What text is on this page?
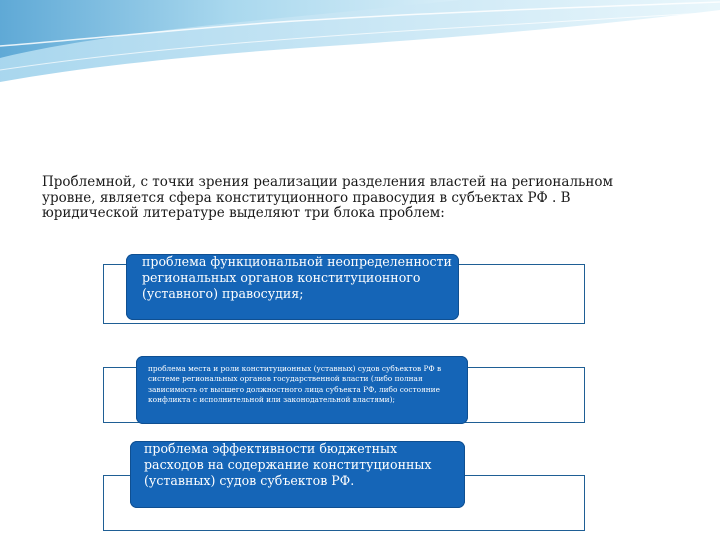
Проблемной, с точки зрения реализации разделения властей на региональном уровне, является сфера конституционного правосудия в субъектах РФ . В юридической литературе выделяют три блока проблем:
проблема функциональной неопределенности региональных органов конституционного (уставного) правосудия;
проблема места и роли конституционных (уставных) судов субъектов РФ в системе региональных органов государственной власти (либо полная зависимость от высшего должностного лица субъекта РФ, либо состояние конфликта с исполнительной или законодательной властями);
проблема эффективности бюджетных расходов на содержание конституционных (уставных) судов субъектов РФ.
